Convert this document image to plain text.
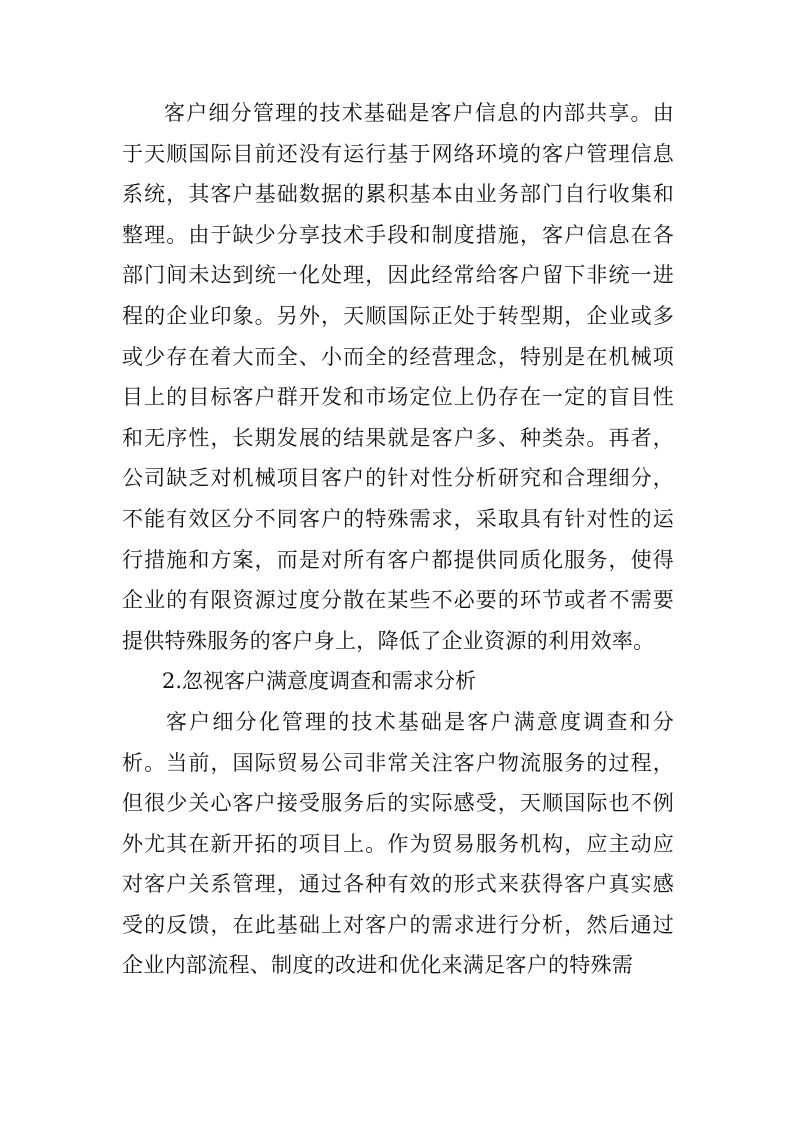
客户细分管理的技术基础是客户信息的内部共享。由于天顺国际目前还没有运行基于网络环境的客户管理信息系统，其客户基础数据的累积基本由业务部门自行收集和整理。由于缺少分享技术手段和制度措施，客户信息在各部门间未达到统一化处理，因此经常给客户留下非统一进程的企业印象。另外，天顺国际正处于转型期，企业或多或少存在着大而全、小而全的经营理念，特别是在机械项目上的目标客户群开发和市场定位上仍存在一定的盲目性和无序性，长期发展的结果就是客户多、种类杂。再者，公司缺乏对机械项目客户的针对性分析研究和合理细分，不能有效区分不同客户的特殊需求，采取具有针对性的运行措施和方案，而是对所有客户都提供同质化服务，使得企业的有限资源过度分散在某些不必要的环节或者不需要提供特殊服务的客户身上，降低了企业资源的利用效率。

2.忽视客户满意度调查和需求分析

客户细分化管理的技术基础是客户满意度调查和分析。当前，国际贸易公司非常关注客户物流服务的过程，但很少关心客户接受服务后的实际感受，天顺国际也不例外尤其在新开拓的项目上。作为贸易服务机构，应主动应对客户关系管理，通过各种有效的形式来获得客户真实感受的反馈，在此基础上对客户的需求进行分析，然后通过企业内部流程、制度的改进和优化来满足客户的特殊需
